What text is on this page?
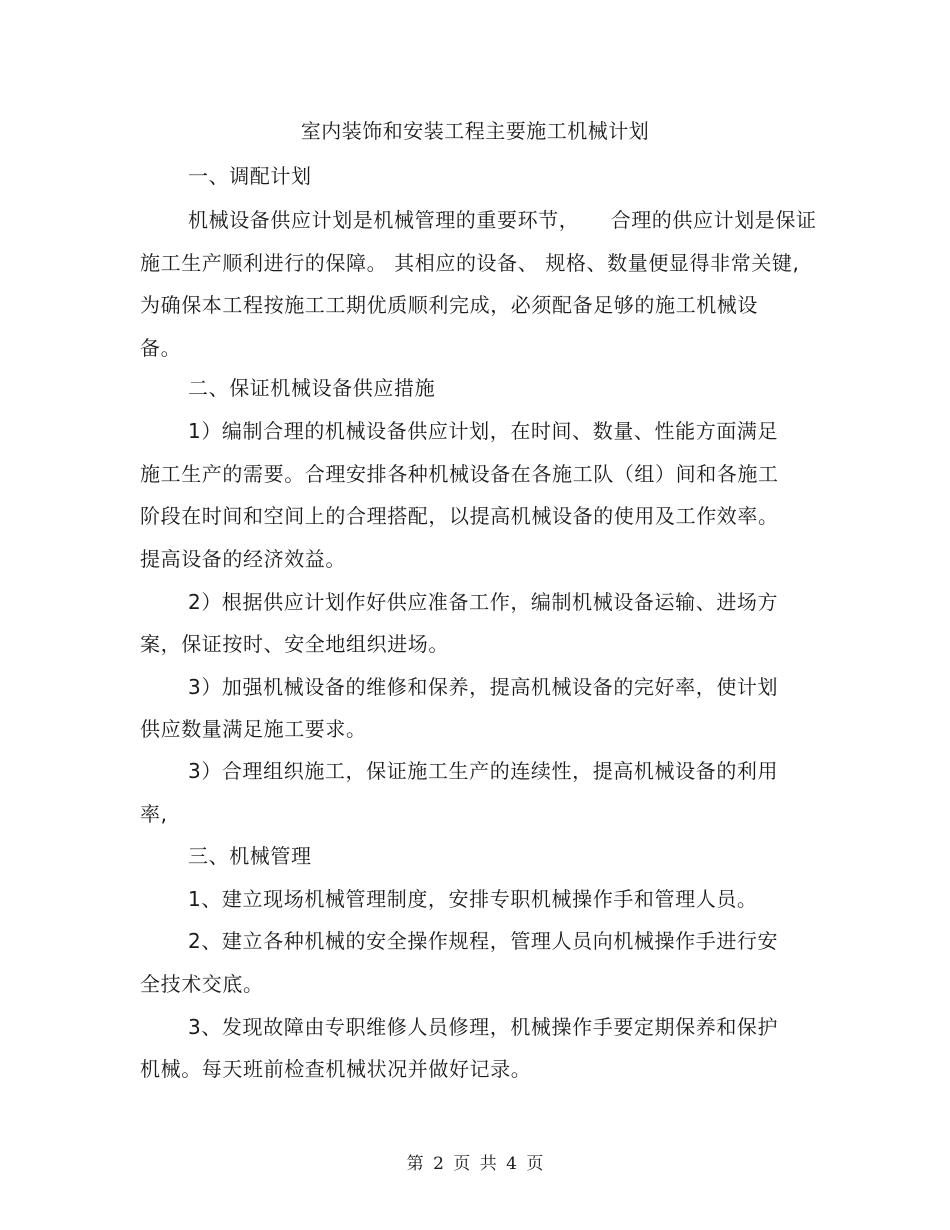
室内装饰和安装工程主要施工机械计划
一、调配计划
机械设备供应计划是机械管理的重要环节，　　合理的供应计划是保证
施工生产顺利进行的保障。 其相应的设备、 规格、数量便显得非常关键,
为确保本工程按施工工期优质顺利完成，必须配备足够的施工机械设
备。
二、保证机械设备供应措施
1）编制合理的机械设备供应计划，在时间、数量、性能方面满足
施工生产的需要。合理安排各种机械设备在各施工队（组）间和各施工
阶段在时间和空间上的合理搭配，以提高机械设备的使用及工作效率。
提高设备的经济效益。
2）根据供应计划作好供应准备工作，编制机械设备运输、进场方
案，保证按时、安全地组织进场。
3）加强机械设备的维修和保养，提高机械设备的完好率，使计划
供应数量满足施工要求。
3）合理组织施工，保证施工生产的连续性，提高机械设备的利用
率,
三、机械管理
1、建立现场机械管理制度，安排专职机械操作手和管理人员。
2、建立各种机械的安全操作规程，管理人员向机械操作手进行安
全技术交底。
3、发现故障由专职维修人员修理，机械操作手要定期保养和保护
机械。每天班前检查机械状况并做好记录。
第 2 页 共 4 页
